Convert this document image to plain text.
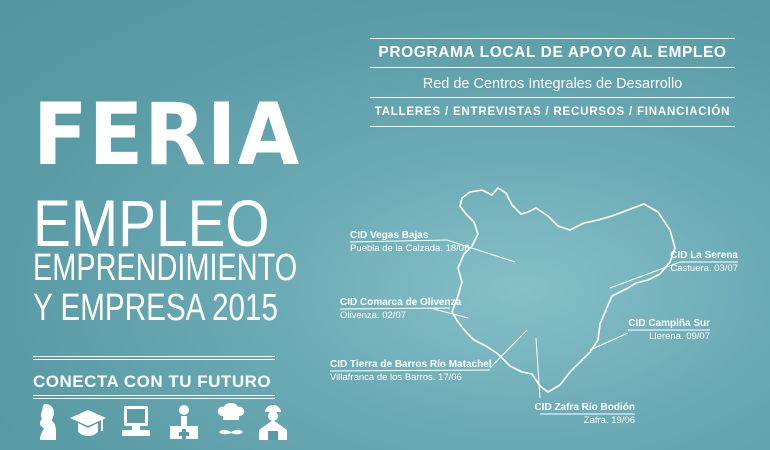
FERIA
EMPLEO
EMPRENDIMIENTO
Y EMPRESA 2015
CONECTA CON TU FUTURO
PROGRAMA LOCAL DE APOYO AL EMPLEO
Red de Centros Integrales de Desarrollo
TALLERES / ENTREVISTAS / RECURSOS / FINANCIACIÓN
CID Vegas Bajas
Puebla de la Calzada. 18/06
CID Comarca de Olivenza
Olivenza. 02/07
CID Tierra de Barros Río Matachel
Villafranca de los Barros. 17/06
CID Zafra Río Bodión
Zafra. 19/06
CID La Serena
Castuera. 03/07
CID Campiña Sur
Llerena. 09/07
